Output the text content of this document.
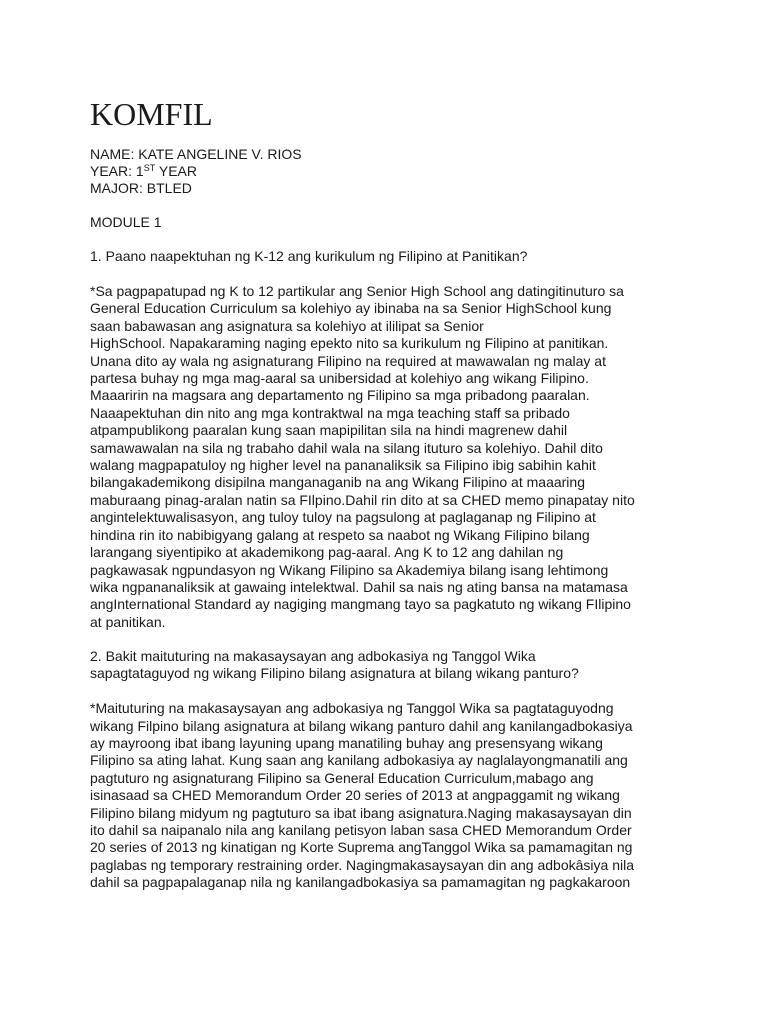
KOMFIL

NAME: KATE ANGELINE V. RIOS

YEAR: 1ST YEAR

MAJOR: BTLED

MODULE 1

1. Paano naapektuhan ng K-12 ang kurikulum ng Filipino at Panitikan?

*Sa pagpapatupad ng K to 12 partikular ang Senior High School ang datingitinuturo sa
General Education Curriculum sa kolehiyo ay ibinaba na sa Senior HighSchool kung
saan babawasan ang asignatura sa kolehiyo at ililipat sa Senior
HighSchool. Napakaraming naging epekto nito sa kurikulum ng Filipino at panitikan.
Unana dito ay wala ng asignaturang Filipino na required at mawawalan ng malay at
partesa buhay ng mga mag-aaral sa unibersidad at kolehiyo ang wikang Filipino.
Maaaririn na magsara ang departamento ng Filipino sa mga pribadong paaralan.
Naaapektuhan din nito ang mga kontraktwal na mga teaching staff sa pribado
atpampublikong paaralan kung saan mapipilitan sila na hindi magrenew dahil
samawawalan na sila ng trabaho dahil wala na silang ituturo sa kolehiyo. Dahil dito
walang magpapatuloy ng higher level na pananaliksik sa Filipino ibig sabihin kahit
bilangakademikong disipilna manganaganib na ang Wikang Filipino at maaaring
maburaang pinag-aralan natin sa FIlpino.Dahil rin dito at sa CHED memo pinapatay nito
angintelektuwalisasyon, ang tuloy tuloy na pagsulong at paglaganap ng Filipino at
hindina rin ito nabibigyang galang at respeto sa naabot ng Wikang Filipino bilang
larangang siyentipiko at akademikong pag-aaral. Ang K to 12 ang dahilan ng
pagkawasak ngpundasyon ng Wikang Filipino sa Akademiya bilang isang lehtimong
wika ngpananaliksik at gawaing intelektwal. Dahil sa nais ng ating bansa na matamasa
angInternational Standard ay nagiging mangmang tayo sa pagkatuto ng wikang FIlipino
at panitikan.

2. Bakit maituturing na makasaysayan ang adbokasiya ng Tanggol Wika
sapagtataguyod ng wikang Filipino bilang asignatura at bilang wikang panturo?

*Maituturing na makasaysayan ang adbokasiya ng Tanggol Wika sa pagtataguyodng
wikang Filpino bilang asignatura at bilang wikang panturo dahil ang kanilangadbokasiya
ay mayroong ibat ibang layuning upang manatiling buhay ang presensyang wikang
Filipino sa ating lahat. Kung saan ang kanilang adbokasiya ay naglalayongmanatili ang
pagtuturo ng asignaturang Filipino sa General Education Curriculum,mabago ang
isinasaad sa CHED Memorandum Order 20 series of 2013 at angpaggamit ng wikang
Filipino bilang midyum ng pagtuturo sa ibat ibang asignatura.Naging makasaysayan din
ito dahil sa naipanalo nila ang kanilang petisyon laban sasa CHED Memorandum Order
20 series of 2013 ng kinatigan ng Korte Suprema angTanggol Wika sa pamamagitan ng
paglabas ng temporary restraining order. Nagingmakasaysayan din ang adbokâsiya nila
dahil sa pagpapalaganap nila ng kanilangadbokasiya sa pamamagitan ng pagkakaroon
